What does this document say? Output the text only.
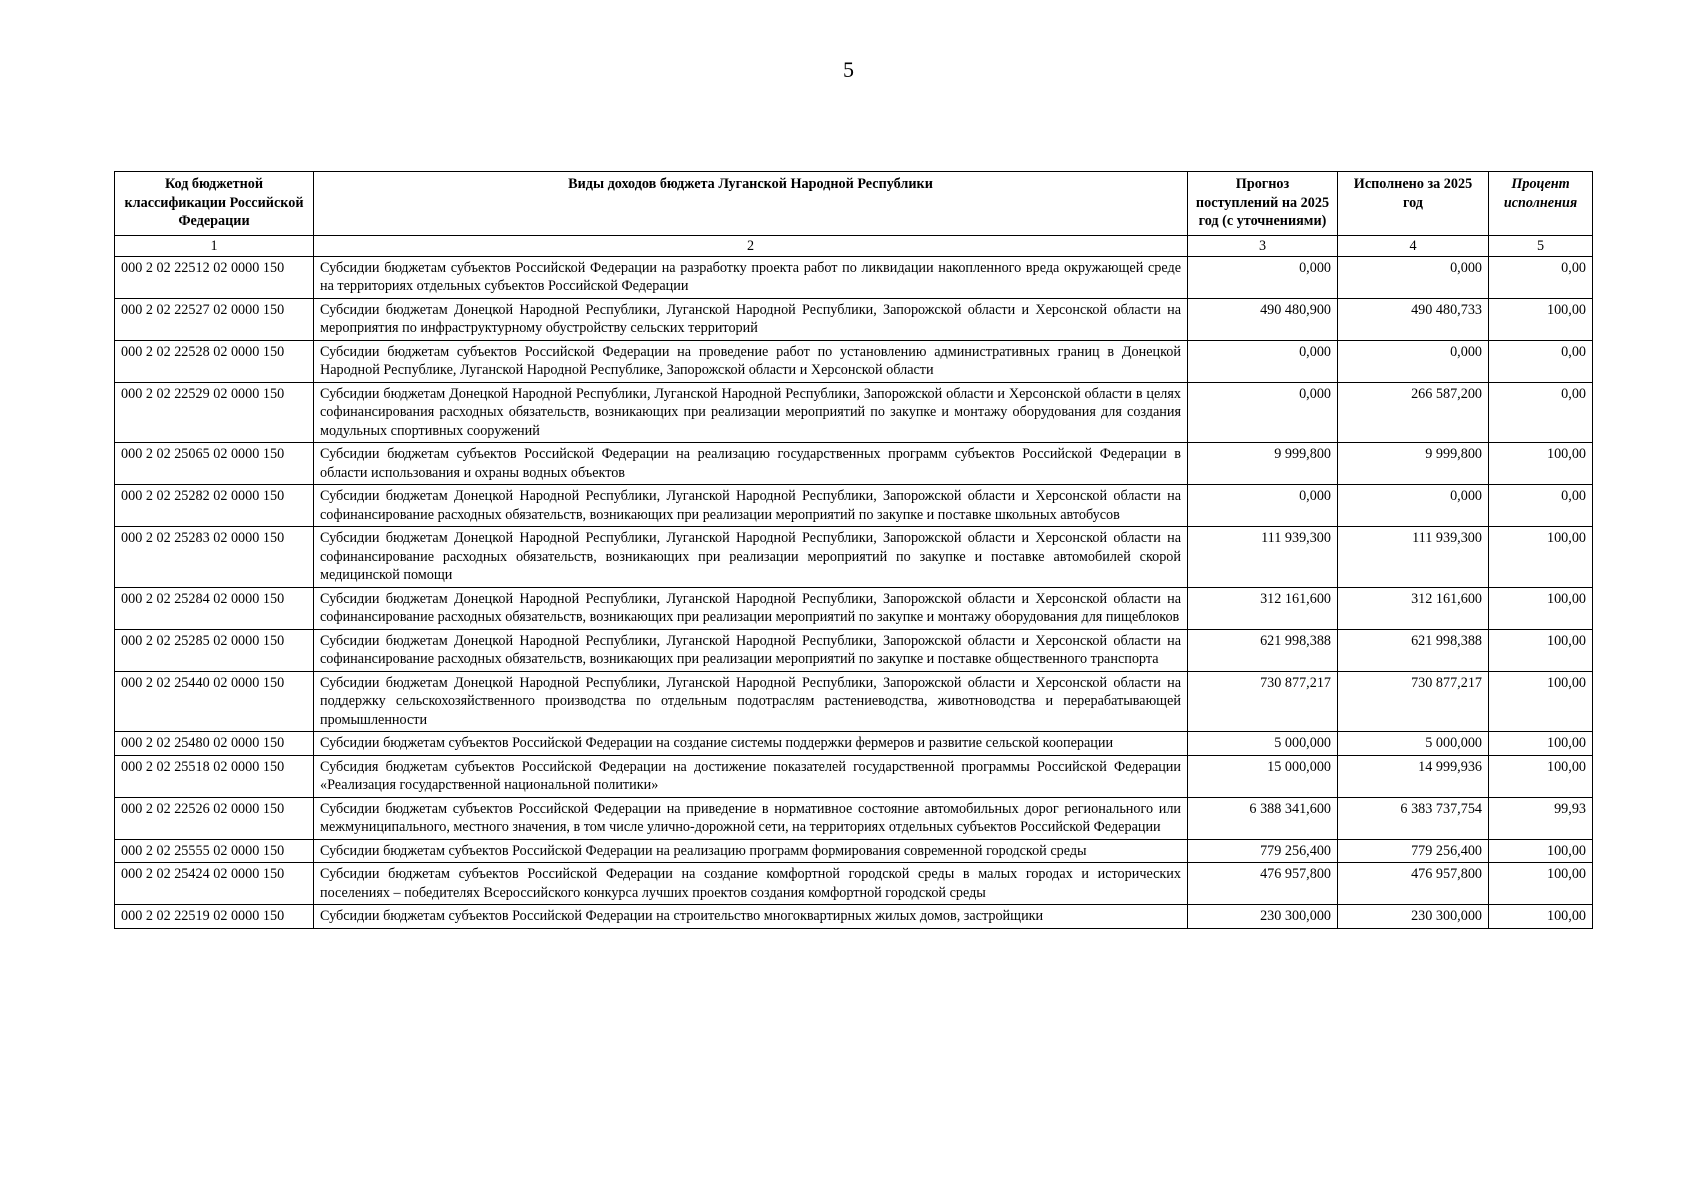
5
Код бюджетной классификации Российской Федерации	Виды доходов бюджета Луганской Народной Республики	Прогноз поступлений на 2025 год (с уточнениями)	Исполнено за 2025 год	Процент исполнения
1	2	3	4	5
000 2 02 22512 02 0000 150	Субсидии бюджетам субъектов Российской Федерации на разработку проекта работ по ликвидации накопленного вреда окружающей среде на территориях отдельных субъектов Российской Федерации	0,000	0,000	0,00
000 2 02 22527 02 0000 150	Субсидии бюджетам Донецкой Народной Республики, Луганской Народной Республики, Запорожской области и Херсонской области на мероприятия по инфраструктурному обустройству сельских территорий	490 480,900	490 480,733	100,00
000 2 02 22528 02 0000 150	Субсидии бюджетам субъектов Российской Федерации на проведение работ по установлению административных границ в Донецкой Народной Республике, Луганской Народной Республике, Запорожской области и Херсонской области	0,000	0,000	0,00
000 2 02 22529 02 0000 150	Субсидии бюджетам Донецкой Народной Республики, Луганской Народной Республики, Запорожской области и Херсонской области в целях софинансирования расходных обязательств, возникающих при реализации мероприятий по закупке и монтажу оборудования для создания модульных спортивных сооружений	0,000	266 587,200	0,00
000 2 02 25065 02 0000 150	Субсидии бюджетам субъектов Российской Федерации на реализацию государственных программ субъектов Российской Федерации в области использования и охраны водных объектов	9 999,800	9 999,800	100,00
000 2 02 25282 02 0000 150	Субсидии бюджетам Донецкой Народной Республики, Луганской Народной Республики, Запорожской области и Херсонской области на софинансирование расходных обязательств, возникающих при реализации мероприятий по закупке и поставке школьных автобусов	0,000	0,000	0,00
000 2 02 25283 02 0000 150	Субсидии бюджетам Донецкой Народной Республики, Луганской Народной Республики, Запорожской области и Херсонской области на софинансирование расходных обязательств, возникающих при реализации мероприятий по закупке и поставке автомобилей скорой медицинской помощи	111 939,300	111 939,300	100,00
000 2 02 25284 02 0000 150	Субсидии бюджетам Донецкой Народной Республики, Луганской Народной Республики, Запорожской области и Херсонской области на софинансирование расходных обязательств, возникающих при реализации мероприятий по закупке и монтажу оборудования для пищеблоков	312 161,600	312 161,600	100,00
000 2 02 25285 02 0000 150	Субсидии бюджетам Донецкой Народной Республики, Луганской Народной Республики, Запорожской области и Херсонской области на софинансирование расходных обязательств, возникающих при реализации мероприятий по закупке и поставке общественного транспорта	621 998,388	621 998,388	100,00
000 2 02 25440 02 0000 150	Субсидии бюджетам Донецкой Народной Республики, Луганской Народной Республики, Запорожской области и Херсонской области на поддержку сельскохозяйственного производства по отдельным подотраслям растениеводства, животноводства и перерабатывающей промышленности	730 877,217	730 877,217	100,00
000 2 02 25480 02 0000 150	Субсидии бюджетам субъектов Российской Федерации на создание системы поддержки фермеров и развитие сельской кооперации	5 000,000	5 000,000	100,00
000 2 02 25518 02 0000 150	Субсидия бюджетам субъектов Российской Федерации на достижение показателей государственной программы Российской Федерации «Реализация государственной национальной политики»	15 000,000	14 999,936	100,00
000 2 02 22526 02 0000 150	Субсидии бюджетам субъектов Российской Федерации на приведение в нормативное состояние автомобильных дорог регионального или межмуниципального, местного значения, в том числе улично-дорожной сети, на территориях отдельных субъектов Российской Федерации	6 388 341,600	6 383 737,754	99,93
000 2 02 25555 02 0000 150	Субсидии бюджетам субъектов Российской Федерации на реализацию программ формирования современной городской среды	779 256,400	779 256,400	100,00
000 2 02 25424 02 0000 150	Субсидии бюджетам субъектов Российской Федерации на создание комфортной городской среды в малых городах и исторических поселениях – победителях Всероссийского конкурса лучших проектов создания комфортной городской среды	476 957,800	476 957,800	100,00
000 2 02 22519 02 0000 150	Субсидии бюджетам субъектов Российской Федерации на строительство многоквартирных жилых домов, застройщики	230 300,000	230 300,000	100,00
